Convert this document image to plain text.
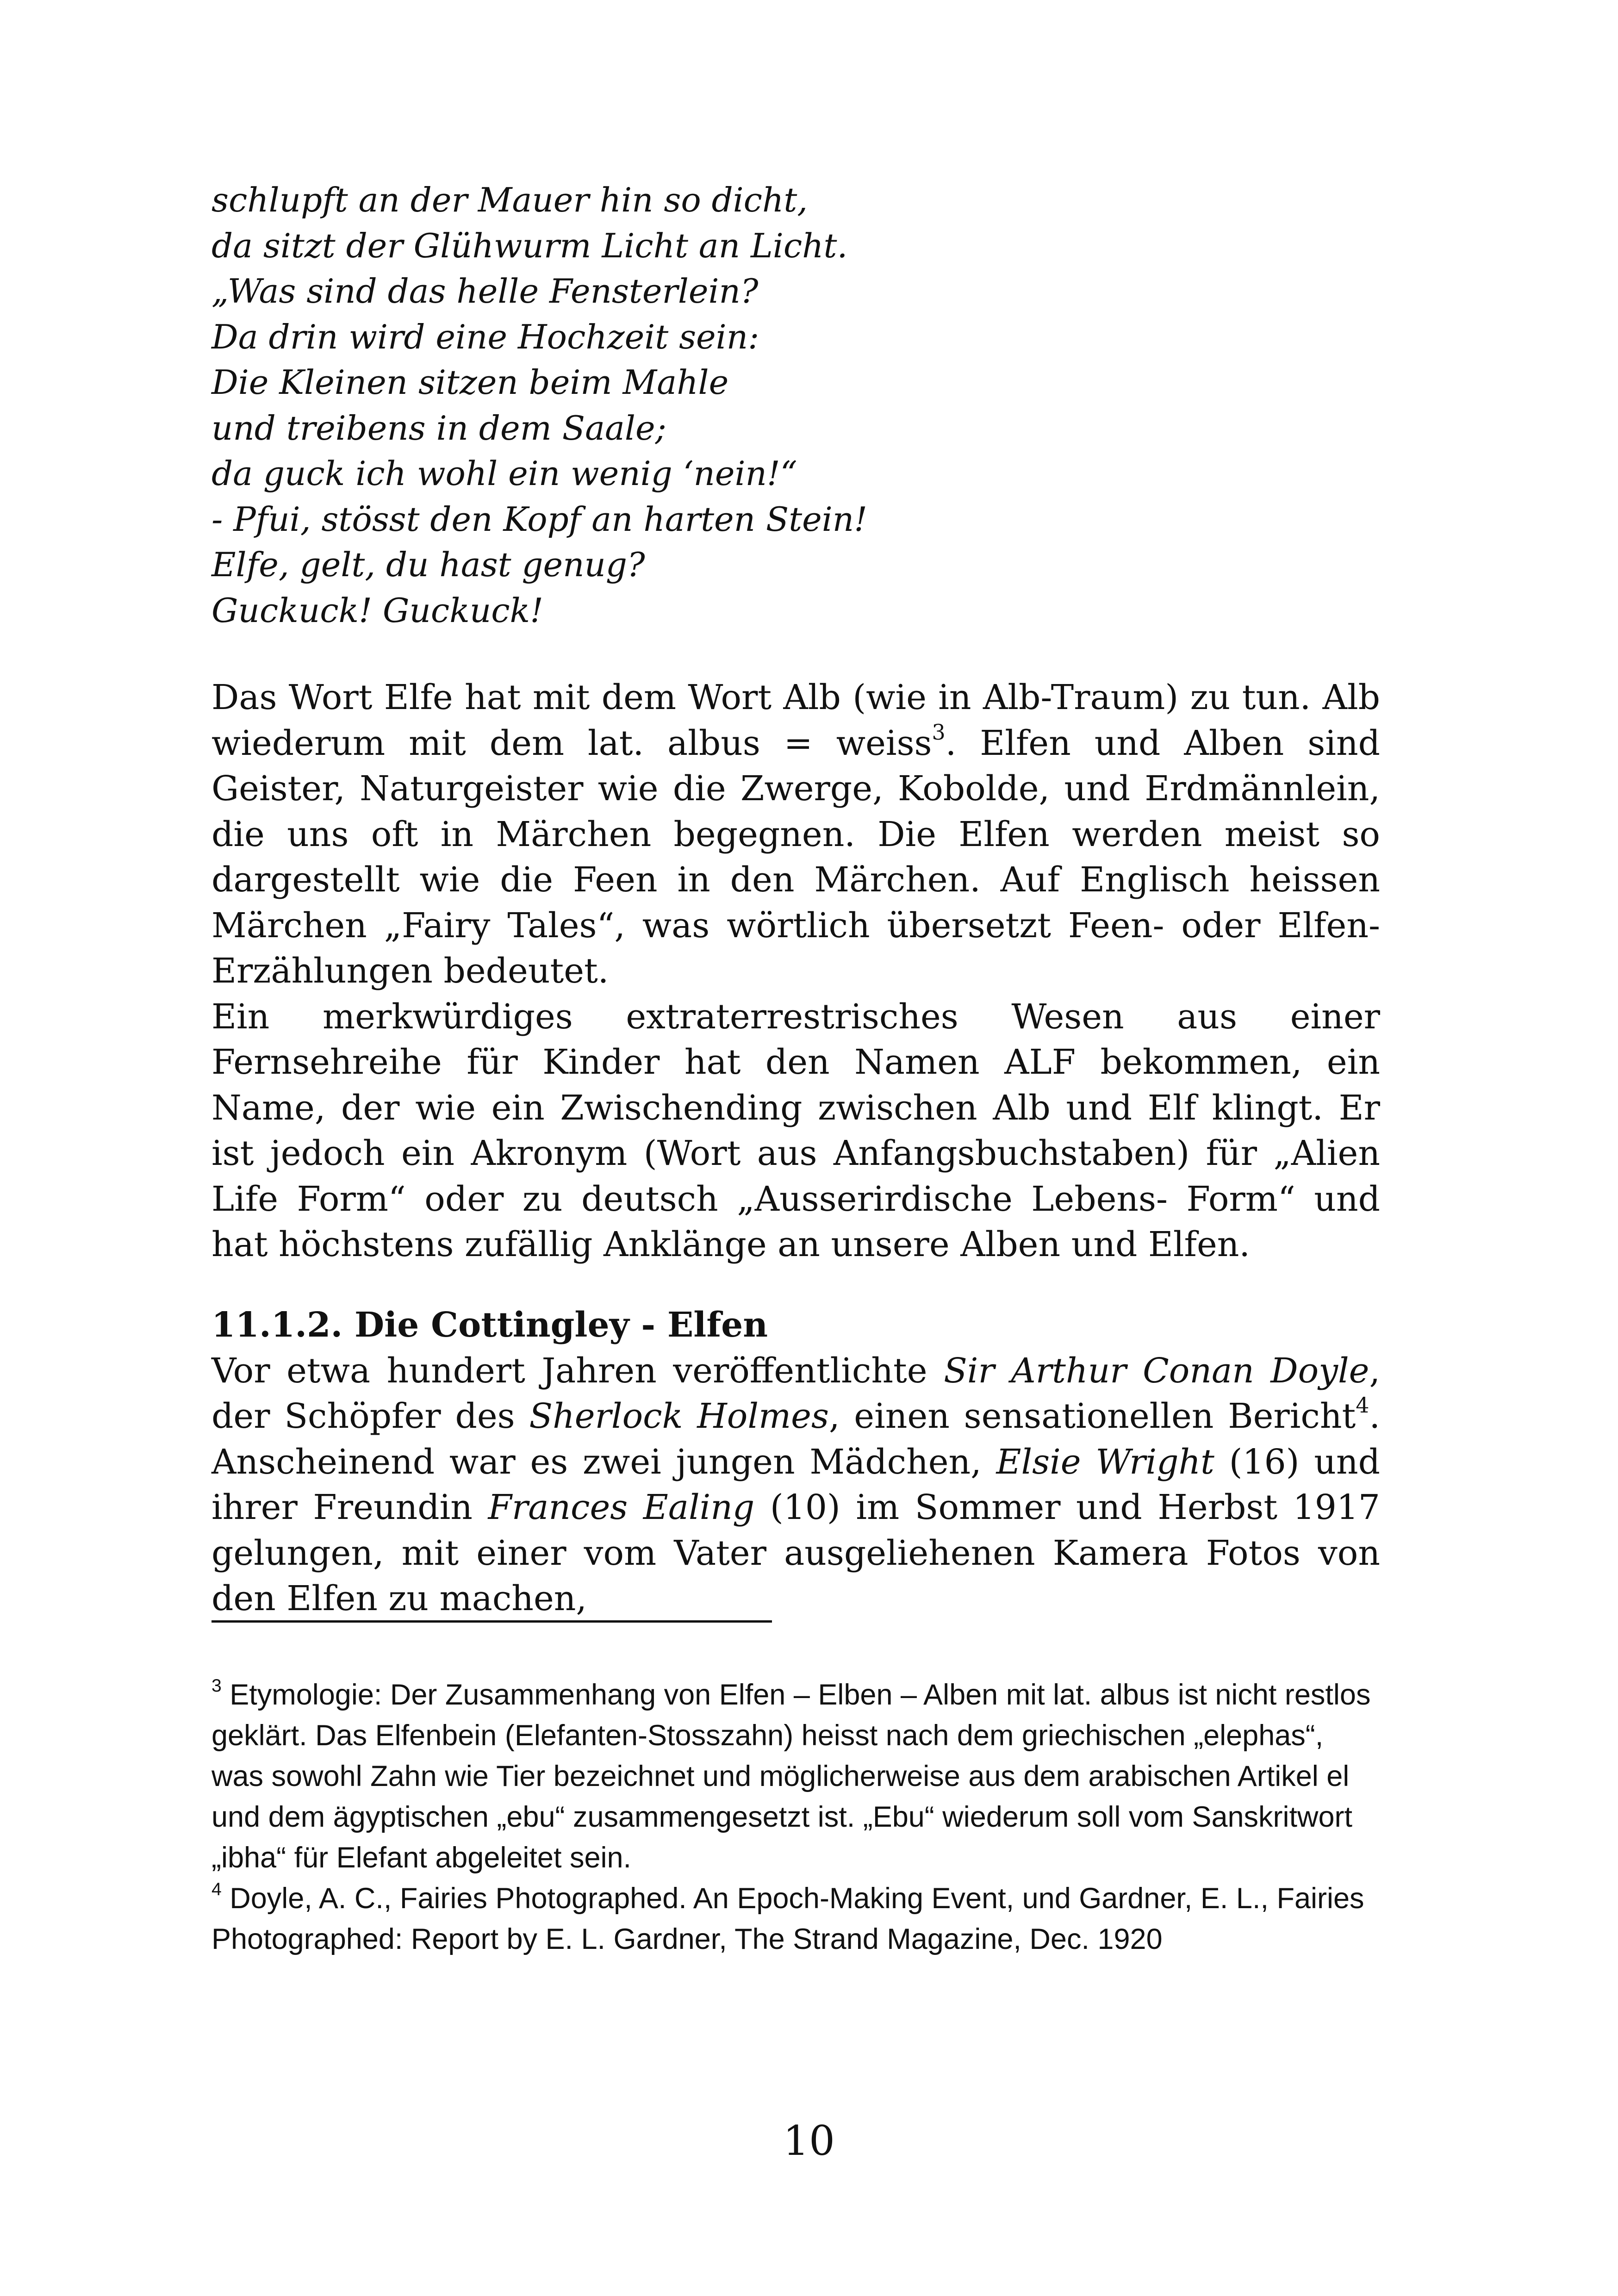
schlupft an der Mauer hin so dicht,
da sitzt der Glühwurm Licht an Licht.
„Was sind das helle Fensterlein?
Da drin wird eine Hochzeit sein:
Die Kleinen sitzen beim Mahle
und treibens in dem Saale;
da guck ich wohl ein wenig ‘nein!“
- Pfui, stösst den Kopf an harten Stein!
Elfe, gelt, du hast genug?
Guckuck! Guckuck!

Das Wort Elfe hat mit dem Wort Alb (wie in Alb-Traum) zu tun. Alb wiederum mit dem lat. albus = weiss$^3$. Elfen und Alben sind Geister, Naturgeister wie die Zwerge, Kobolde, und Erdmännlein, die uns oft in Märchen begegnen. Die Elfen werden meist so dargestellt wie die Feen in den Märchen. Auf Englisch heissen Märchen „Fairy Tales“, was wörtlich übersetzt Feen- oder Elfen-Erzählungen bedeutet.

Ein merkwürdiges extraterrestrisches Wesen aus einer Fernsehreihe für Kinder hat den Namen ALF bekommen, ein Name, der wie ein Zwischending zwischen Alb und Elf klingt. Er ist jedoch ein Akronym (Wort aus Anfangsbuchstaben) für „Alien Life Form“ oder zu deutsch „Ausserirdische Lebens- Form“ und hat höchstens zufällig Anklänge an unsere Alben und Elfen.

11.1.2. Die Cottingley - Elfen

Vor etwa hundert Jahren veröffentlichte Sir Arthur Conan Doyle, der Schöpfer des Sherlock Holmes, einen sensationellen Bericht$^4$. Anscheinend war es zwei jungen Mädchen, Elsie Wright (16) und ihrer Freundin Frances Ealing (10) im Sommer und Herbst 1917 gelungen, mit einer vom Vater ausgeliehenen Kamera Fotos von den Elfen zu machen,

$^3$ Etymologie: Der Zusammenhang von Elfen – Elben – Alben mit lat. albus ist nicht restlos geklärt. Das Elfenbein (Elefanten-Stosszahn) heisst nach dem griechischen „elephas“, was sowohl Zahn wie Tier bezeichnet und möglicherweise aus dem arabischen Artikel el und dem ägyptischen „ebu“ zusammengesetzt ist. „Ebu“ wiederum soll vom Sanskritwort „ibha“ für Elefant abgeleitet sein.

$^4$ Doyle, A. C., Fairies Photographed. An Epoch-Making Event, und Gardner, E. L., Fairies Photographed: Report by E. L. Gardner, The Strand Magazine, Dec. 1920

10
